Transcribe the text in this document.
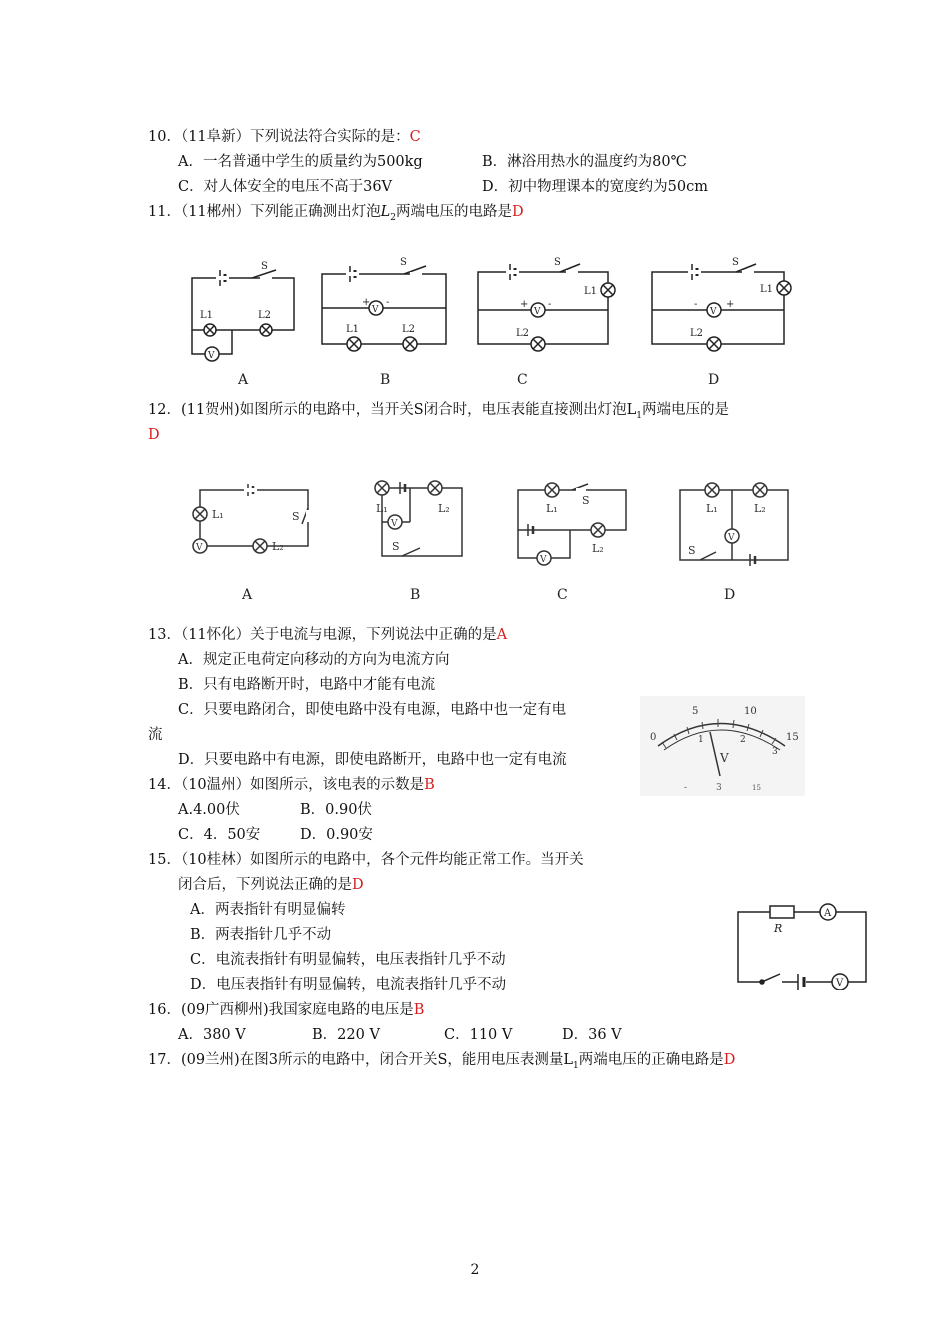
10．（11阜新）下列说法符合实际的是：C
A．一名普通中学生的质量约为500kg	B．淋浴用热水的温度约为80℃
C．对人体安全的电压不高于36V	D．初中物理课本的宽度约为50cm
11．（11郴州）下列能正确测出灯泡$L_2$两端电压的电路是D
V
S
L1	L2
A
V
S
+ -
L1	L2
B
V
S
L1
+ -
L2
C
V
S
L1
-	+
L2
D
12．(11贺州)如图所示的电路中，当开关S闭合时，电压表能直接测出灯泡$L_1$两端电压的是
D
V
L₁
L₂
S
A
V
L₁	L₂
S
B
V
L₁
S
L₂
C
V
L₁	L₂
S
D
13．（11怀化）关于电流与电源，下列说法中正确的是A
A．规定正电荷定向移动的方向为电流方向
B．只有电路断开时，电路中才能有电流
C．只要电路闭合，即使电路中没有电源，电路中也一定有电
流
D．只要电路中有电源，即使电路断开，电路中也一定有电流
0
5	10
15
1	2
3
V
-	3	15
14．（10温州）如图所示，该电表的示数是B
A.4.00伏	B．0.90伏
C．4．50安	D．0.90安
15．（10桂林）如图所示的电路中，各个元件均能正常工作。当开关
闭合后，下列说法正确的是D
A．两表指针有明显偏转
B．两表指针几乎不动
C．电流表指针有明显偏转，电压表指针几乎不动
D．电压表指针有明显偏转，电流表指针几乎不动
A
R
V
16．(09广西柳州)我国家庭电路的电压是B
A．380 V	B．220 V	C．110 V	D．36 V
17．(09兰州)在图3所示的电路中，闭合开关S，能用电压表测量$L_1$两端电压的正确电路是D
2
